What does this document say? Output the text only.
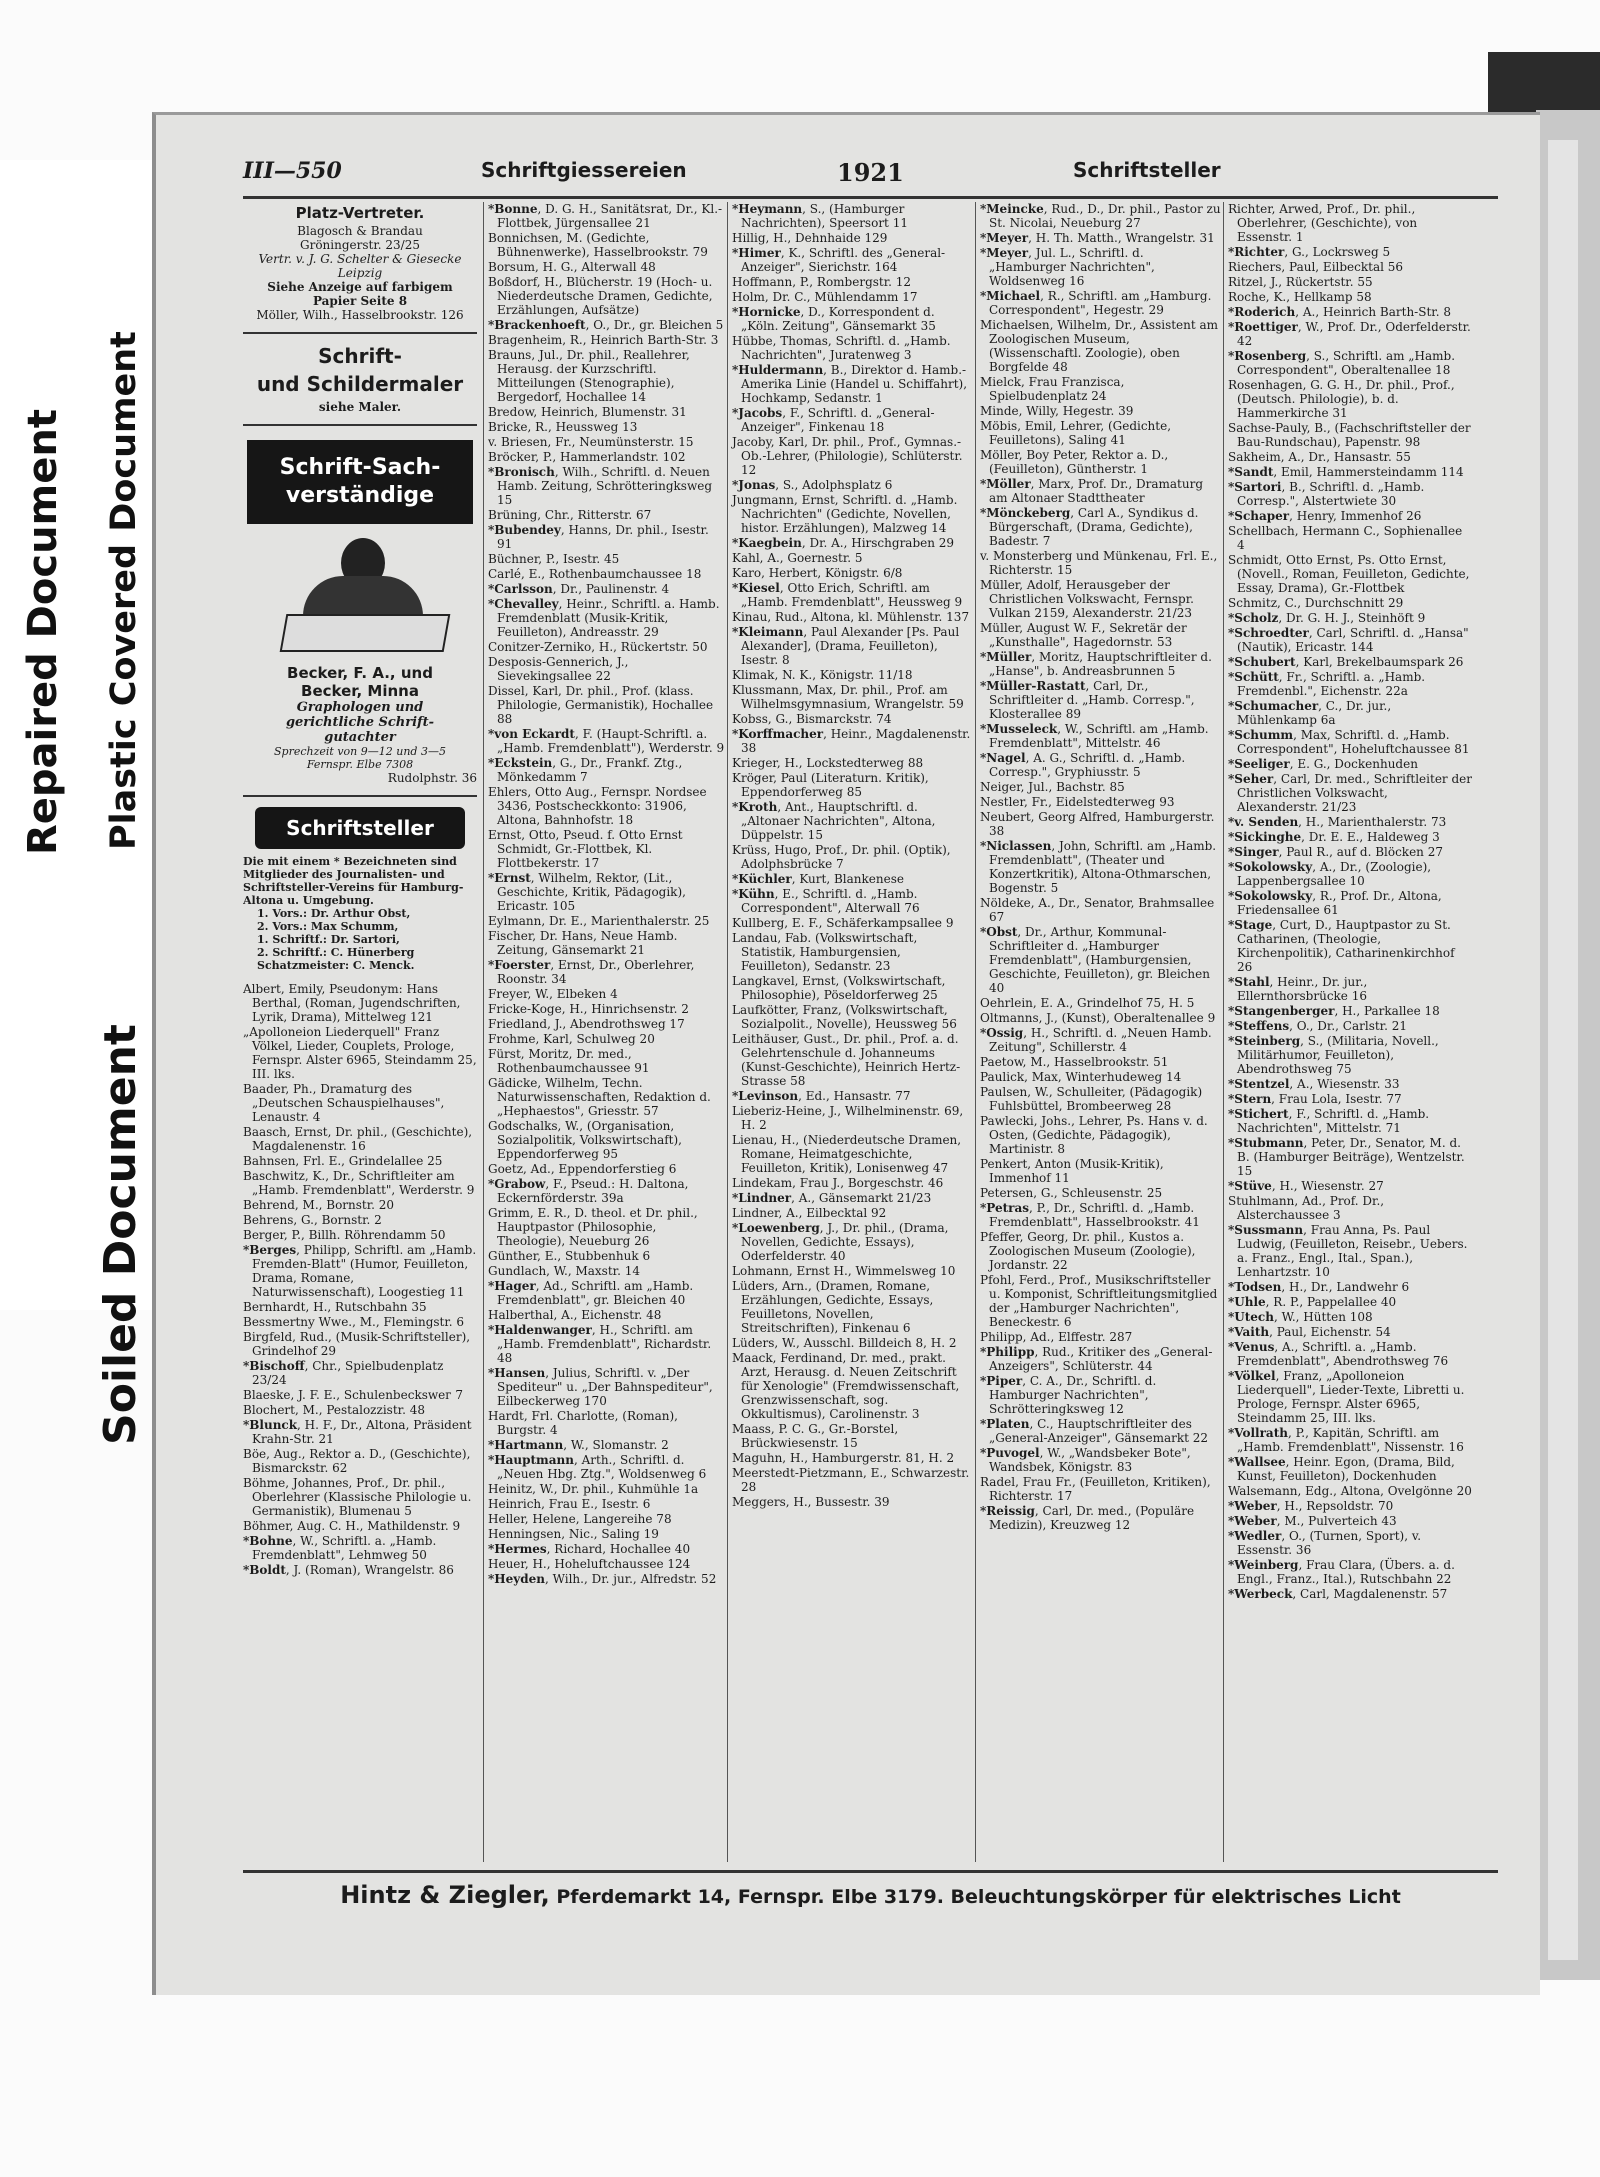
Repaired Document Plastic Covered Document
Soiled Document
III—550	Schriftgiessereien	1921	Schriftsteller
Platz-Vertreter.
Blagosch & Brandau
Gröningerstr. 23/25
Vertr. v. J. G. Schelter & Giesecke
Leipzig
Siehe Anzeige auf farbigem
Papier Seite 8
Möller, Wilh., Hasselbrookstr. 126
Schrift-
und Schildermaler
siehe Maler.
Schrift-Sach-
verständige
Becker, F. A., und
Becker, Minna
Graphologen und
gerichtliche Schrift-
gutachter
Sprechzeit von 9—12 und 3—5
Fernspr. Elbe 7308
Rudolphstr. 36
Schriftsteller
Die mit einem * Bezeichneten sind Mitglieder des Journalisten- und Schriftsteller-Vereins für Hamburg-Altona u. Umgebung.
1. Vors.: Dr. Arthur Obst,
2. Vors.: Max Schumm,
1. Schriftf.: Dr. Sartori,
2. Schriftf.: C. Hünerberg
Schatzmeister: C. Menck.
Albert, Emily, Pseudonym: Hans Berthal, (Roman, Jugendschriften, Lyrik, Drama), Mittelweg 121
„Apolloneion Liederquell" Franz Völkel, Lieder, Couplets, Prologe, Fernspr. Alster 6965, Steindamm 25, III. lks.
Baader, Ph., Dramaturg des „Deutschen Schauspielhauses", Lenaustr. 4
Baasch, Ernst, Dr. phil., (Geschichte), Magdalenenstr. 16
Bahnsen, Frl. E., Grindelallee 25
Baschwitz, K., Dr., Schriftleiter am „Hamb. Fremdenblatt", Werderstr. 9
Behrend, M., Bornstr. 20
Behrens, G., Bornstr. 2
Berger, P., Billh. Röhrendamm 50
*Berges, Philipp, Schriftl. am „Hamb. Fremden-Blatt" (Humor, Feuilleton, Drama, Romane, Naturwissenschaft), Loogestieg 11
Bernhardt, H., Rutschbahn 35
Bessmertny Wwe., M., Flemingstr. 6
Birgfeld, Rud., (Musik-Schriftsteller), Grindelhof 29
*Bischoff, Chr., Spielbudenplatz 23/24
Blaeske, J. F. E., Schulenbeckswег 7
Blochert, M., Pestalozzistr. 48
*Blunck, H. F., Dr., Altona, Präsident Krahn-Str. 21
Böe, Aug., Rektor a. D., (Geschichte), Bismarckstr. 62
Böhme, Johannes, Prof., Dr. phil., Oberlehrer (Klassische Philologie u. Germanistik), Blumenau 5
Böhmer, Aug. C. H., Mathildenstr. 9
*Bohne, W., Schriftl. a. „Hamb. Fremdenblatt", Lehmweg 50
*Boldt, J. (Roman), Wrangelstr. 86
*Bonne, D. G. H., Sanitätsrat, Dr., Kl.-Flottbek, Jürgensallee 21
Bonnichsen, M. (Gedichte, Bühnenwerke), Hasselbrookstr. 79
Borsum, H. G., Alterwall 48
Boßdorf, H., Blücherstr. 19 (Hoch- u. Niederdeutsche Dramen, Gedichte, Erzählungen, Aufsätze)
*Brackenhoeft, O., Dr., gr. Bleichen 5
Bragenheim, R., Heinrich Barth-Str. 3
Brauns, Jul., Dr. phil., Reallehrer, Herausg. der Kurzschriftl. Mitteilungen (Stenographie), Bergedorf, Hochallee 14
Bredow, Heinrich, Blumenstr. 31
Bricke, R., Heussweg 13
v. Briesen, Fr., Neumünsterstr. 15
Bröcker, P., Hammerlandstr. 102
*Bronisch, Wilh., Schriftl. d. Neuen Hamb. Zeitung, Schrötteringksweg 15
Brüning, Chr., Ritterstr. 67
*Bubendey, Hanns, Dr. phil., Isestr. 91
Büchner, P., Isestr. 45
Carlé, E., Rothenbaumchaussee 18
*Carlsson, Dr., Paulinenstr. 4
*Chevalley, Heinr., Schriftl. a. Hamb. Fremdenblatt (Musik-Kritik, Feuilleton), Andreasstr. 29
Conitzer-Zerniko, H., Rückertstr. 50
Desposis-Gennerich, J., Sievekingsallee 22
Dissel, Karl, Dr. phil., Prof. (klass. Philologie, Germanistik), Hochallee 88
*von Eckardt, F. (Haupt-Schriftl. a. „Hamb. Fremdenblatt"), Werderstr. 9
*Eckstein, G., Dr., Frankf. Ztg., Mönkedamm 7
Ehlers, Otto Aug., Fernspr. Nordsee 3436, Postscheckkonto: 31906, Altona, Bahnhofstr. 18
Ernst, Otto, Pseud. f. Otto Ernst Schmidt, Gr.-Flottbek, Kl. Flottbekerstr. 17
*Ernst, Wilhelm, Rektor, (Lit., Geschichte, Kritik, Pädagogik), Ericastr. 105
Eylmann, Dr. E., Marienthalerstr. 25
Fischer, Dr. Hans, Neue Hamb. Zeitung, Gänsemarkt 21
*Foerster, Ernst, Dr., Oberlehrer, Roonstr. 34
Freyer, W., Elbeken 4
Fricke-Koge, H., Hinrichsenstr. 2
Friedland, J., Abendrothsweg 17
Frohme, Karl, Schulweg 20
Fürst, Moritz, Dr. med., Rothenbaumchaussee 91
Gädicke, Wilhelm, Techn. Naturwissenschaften, Redaktion d. „Hephaestos", Griesstr. 57
Godschalks, W., (Organisation, Sozialpolitik, Volkswirtschaft), Eppendorferweg 95
Goetz, Ad., Eppendorferstieg 6
*Grabow, F., Pseud.: H. Daltona, Eckernförderstr. 39a
Grimm, E. R., D. theol. et Dr. phil., Hauptpastor (Philosophie, Theologie), Neueburg 26
Günther, E., Stubbenhuk 6
Gundlach, W., Maxstr. 14
*Hager, Ad., Schriftl. am „Hamb. Fremdenblatt", gr. Bleichen 40
Halberthal, A., Eichenstr. 48
*Haldenwanger, H., Schriftl. am „Hamb. Fremdenblatt", Richardstr. 48
*Hansen, Julius, Schriftl. v. „Der Spediteur" u. „Der Bahnspediteur", Eilbeckerweg 170
Hardt, Frl. Charlotte, (Roman), Burgstr. 4
*Hartmann, W., Slomanstr. 2
*Hauptmann, Arth., Schriftl. d. „Neuen Hbg. Ztg.", Woldsenweg 6
Heinitz, W., Dr. phil., Kuhmühle 1a
Heinrich, Frau E., Isestr. 6
Heller, Helene, Langereihe 78
Henningsen, Nic., Saling 19
*Hermes, Richard, Hochallee 40
Heuer, H., Hoheluftchaussee 124
*Heyden, Wilh., Dr. jur., Alfredstr. 52
*Heymann, S., (Hamburger Nachrichten), Speersort 11
Hillig, H., Dehnhaide 129
*Himer, K., Schriftl. des „General-Anzeiger", Sierichstr. 164
Hoffmann, P., Rombergstr. 12
Holm, Dr. C., Mühlendamm 17
*Hornicke, D., Korrespondent d. „Köln. Zeitung", Gänsemarkt 35
Hübbe, Thomas, Schriftl. d. „Hamb. Nachrichten", Juratenweg 3
*Huldermann, B., Direktor d. Hamb.-Amerika Linie (Handel u. Schiffahrt), Hochkamp, Sedanstr. 1
*Jacobs, F., Schriftl. d. „General-Anzeiger", Finkenau 18
Jacoby, Karl, Dr. phil., Prof., Gymnas.-Ob.-Lehrer, (Philologie), Schlüterstr. 12
*Jonas, S., Adolphsplatz 6
Jungmann, Ernst, Schriftl. d. „Hamb. Nachrichten" (Gedichte, Novellen, histor. Erzählungen), Malzweg 14
*Kaegbein, Dr. A., Hirschgraben 29
Kahl, A., Goernestr. 5
Karo, Herbert, Königstr. 6/8
*Kiesel, Otto Erich, Schriftl. am „Hamb. Fremdenblatt", Heussweg 9
Kinau, Rud., Altona, kl. Mühlenstr. 137
*Kleimann, Paul Alexander [Ps. Paul Alexander], (Drama, Feuilleton), Isestr. 8
Klimak, N. K., Königstr. 11/18
Klussmann, Max, Dr. phil., Prof. am Wilhelmsgymnasium, Wrangelstr. 59
Kobss, G., Bismarckstr. 74
*Korffmacher, Heinr., Magdalenenstr. 38
Krieger, H., Lockstedterweg 88
Kröger, Paul (Literaturn. Kritik), Eppendorferweg 85
*Kroth, Ant., Hauptschriftl. d. „Altonaer Nachrichten", Altona, Düppelstr. 15
Krüss, Hugo, Prof., Dr. phil. (Optik), Adolphsbrücke 7
*Küchler, Kurt, Blankenese
*Kühn, E., Schriftl. d. „Hamb. Correspondent", Alterwall 76
Kullberg, E. F., Schäferkampsallee 9
Landau, Fab. (Volkswirtschaft, Statistik, Hamburgensien, Feuilleton), Sedanstr. 23
Langkavel, Ernst, (Volkswirtschaft, Philosophie), Pöseldorferweg 25
Laufkötter, Franz, (Volkswirtschaft, Sozialpolit., Novelle), Heussweg 56
Leithäuser, Gust., Dr. phil., Prof. a. d. Gelehrtenschule d. Johanneums (Kunst-Geschichte), Heinrich Hertz-Strasse 58
*Levinson, Ed., Hansastr. 77
Lieberiz-Heine, J., Wilhelminenstr. 69, H. 2
Lienau, H., (Niederdeutsche Dramen, Romane, Heimatgeschichte, Feuilleton, Kritik), Lonisenweg 47
Lindekam, Frau J., Borgeschstr. 46
*Lindner, A., Gänsemarkt 21/23
Lindner, A., Eilbecktal 92
*Loewenberg, J., Dr. phil., (Drama, Novellen, Gedichte, Essays), Oderfelderstr. 40
Lohmann, Ernst H., Wimmelsweg 10
Lüders, Arn., (Dramen, Romane, Erzählungen, Gedichte, Essays, Feuilletons, Novellen, Streitschriften), Finkenau 6
Lüders, W., Ausschl. Billdeich 8, H. 2
Maack, Ferdinand, Dr. med., prakt. Arzt, Herausg. d. Neuen Zeitschrift für Xenologie" (Fremdwissenschaft, Grenzwissenschaft, sog. Okkultismus), Carolinenstr. 3
Maass, P. C. G., Gr.-Borstel, Brückwiesenstr. 15
Maguhn, H., Hamburgerstr. 81, H. 2
Meerstedt-Pietzmann, E., Schwarzestr. 28
Meggers, H., Bussestr. 39
*Meincke, Rud., D., Dr. phil., Pastor zu St. Nicolai, Neueburg 27
*Meyer, H. Th. Matth., Wrangelstr. 31
*Meyer, Jul. L., Schriftl. d. „Hamburger Nachrichten", Woldsenweg 16
*Michael, R., Schriftl. am „Hamburg. Correspondent", Hegestr. 29
Michaelsen, Wilhelm, Dr., Assistent am Zoologischen Museum, (Wissenschaftl. Zoologie), oben Borgfelde 48
Mielck, Frau Franzisca, Spielbudenplatz 24
Minde, Willy, Hegestr. 39
Möbis, Emil, Lehrer, (Gedichte, Feuilletons), Saling 41
Möller, Boy Peter, Rektor a. D., (Feuilleton), Güntherstr. 1
*Möller, Marx, Prof. Dr., Dramaturg am Altonaer Stadttheater
*Mönckeberg, Carl A., Syndikus d. Bürgerschaft, (Drama, Gedichte), Badestr. 7
v. Monsterberg und Münkenau, Frl. E., Richterstr. 15
Müller, Adolf, Herausgeber der Christlichen Volkswacht, Fernspr. Vulkan 2159, Alexanderstr. 21/23
Müller, August W. F., Sekretär der „Kunsthalle", Hagedornstr. 53
*Müller, Moritz, Hauptschriftleiter d. „Hanse", b. Andreasbrunnen 5
*Müller-Rastatt, Carl, Dr., Schriftleiter d. „Hamb. Corresp.", Klosterallee 89
*Musseleck, W., Schriftl. am „Hamb. Fremdenblatt", Mittelstr. 46
*Nagel, A. G., Schriftl. d. „Hamb. Corresp.", Gryphiusstr. 5
Neiger, Jul., Bachstr. 85
Nestler, Fr., Eidelstedterweg 93
Neubert, Georg Alfred, Hamburgerstr. 38
*Niclassen, John, Schriftl. am „Hamb. Fremdenblatt", (Theater und Konzertkritik), Altona-Othmarschen, Bogenstr. 5
Nöldeke, A., Dr., Senator, Brahmsallee 67
*Obst, Dr., Arthur, Kommunal-Schriftleiter d. „Hamburger Fremdenblatt", (Hamburgensien, Geschichte, Feuilleton), gr. Bleichen 40
Oehrlein, E. A., Grindelhof 75, H. 5
Oltmanns, J., (Kunst), Oberaltenallee 9
*Ossig, H., Schriftl. d. „Neuen Hamb. Zeitung", Schillerstr. 4
Paetow, M., Hasselbrookstr. 51
Paulick, Max, Winterhudeweg 14
Paulsen, W., Schulleiter, (Pädagogik) Fuhlsbüttel, Brombeerweg 28
Pawlecki, Johs., Lehrer, Ps. Hans v. d. Osten, (Gedichte, Pädagogik), Martinistr. 8
Penkert, Anton (Musik-Kritik), Immenhof 11
Petersen, G., Schleusenstr. 25
*Petras, P., Dr., Schriftl. d. „Hamb. Fremdenblatt", Hasselbrookstr. 41
Pfeffer, Georg, Dr. phil., Kustos a. Zoologischen Museum (Zoologie), Jordanstr. 22
Pfohl, Ferd., Prof., Musikschriftsteller u. Komponist, Schriftleitungsmitglied der „Hamburger Nachrichten", Beneckestr. 6
Philipp, Ad., Elffestr. 287
*Philipp, Rud., Kritiker des „General-Anzeigers", Schlüterstr. 44
*Piper, C. A., Dr., Schriftl. d. Hamburger Nachrichten", Schrötteringksweg 12
*Platen, C., Hauptschriftleiter des „General-Anzeiger", Gänsemarkt 22
*Puvogel, W., „Wandsbeker Bote", Wandsbek, Königstr. 83
Radel, Frau Fr., (Feuilleton, Kritiken), Richterstr. 17
*Reissig, Carl, Dr. med., (Populäre Medizin), Kreuzweg 12
Richter, Arwed, Prof., Dr. phil., Oberlehrer, (Geschichte), von Essenstr. 1
*Richter, G., Lockrsweg 5
Riechers, Paul, Eilbecktal 56
Ritzel, J., Rückertstr. 55
Roche, K., Hellkamp 58
*Roderich, A., Heinrich Barth-Str. 8
*Roettiger, W., Prof. Dr., Oderfelderstr. 42
*Rosenberg, S., Schriftl. am „Hamb. Correspondent", Oberaltenallee 18
Rosenhagen, G. G. H., Dr. phil., Prof., (Deutsch. Philologie), b. d. Hammerkirche 31
Sachse-Pauly, B., (Fachschriftsteller der Bau-Rundschau), Papenstr. 98
Sakheim, A., Dr., Hansastr. 55
*Sandt, Emil, Hammersteindamm 114
*Sartori, B., Schriftl. d. „Hamb. Corresp.", Alstertwiete 30
*Schaper, Henry, Immenhof 26
Schellbach, Hermann C., Sophienallee 4
Schmidt, Otto Ernst, Ps. Otto Ernst, (Novell., Roman, Feuilleton, Gedichte, Essay, Drama), Gr.-Flottbek
Schmitz, C., Durchschnitt 29
*Scholz, Dr. G. H. J., Steinhöft 9
*Schroedter, Carl, Schriftl. d. „Hansa" (Nautik), Ericastr. 144
*Schubert, Karl, Brekelbaumspark 26
*Schütt, Fr., Schriftl. a. „Hamb. Fremdenbl.", Eichenstr. 22a
*Schumacher, C., Dr. jur., Mühlenkamp 6a
*Schumm, Max, Schriftl. d. „Hamb. Correspondent", Hoheluftchaussee 81
*Seeliger, E. G., Dockenhuden
*Seher, Carl, Dr. med., Schriftleiter der Christlichen Volkswacht, Alexanderstr. 21/23
*v. Senden, H., Marienthalerstr. 73
*Sickinghe, Dr. E. E., Haldeweg 3
*Singer, Paul R., auf d. Blöcken 27
*Sokolowsky, A., Dr., (Zoologie), Lappenbergsallee 10
*Sokolowsky, R., Prof. Dr., Altona, Friedensallee 61
*Stage, Curt, D., Hauptpastor zu St. Catharinen, (Theologie, Kirchenpolitik), Catharinenkirchhof 26
*Stahl, Heinr., Dr. jur., Ellernthorsbrücke 16
*Stangenberger, H., Parkallee 18
*Steffens, O., Dr., Carlstr. 21
*Steinberg, S., (Militaria, Novell., Militärhumor, Feuilleton), Abendrothsweg 75
*Stentzel, A., Wiesenstr. 33
*Stern, Frau Lola, Isestr. 77
*Stichert, F., Schriftl. d. „Hamb. Nachrichten", Mittelstr. 71
*Stubmann, Peter, Dr., Senator, M. d. B. (Hamburger Beiträge), Wentzelstr. 15
*Stüve, H., Wiesenstr. 27
Stuhlmann, Ad., Prof. Dr., Alsterchaussee 3
*Sussmann, Frau Anna, Ps. Paul Ludwig, (Feuilleton, Reisebr., Uebers. a. Franz., Engl., Ital., Span.), Lenhartzstr. 10
*Todsen, H., Dr., Landwehr 6
*Uhle, R. P., Pappelallee 40
*Utech, W., Hütten 108
*Vaith, Paul, Eichenstr. 54
*Venus, A., Schriftl. a. „Hamb. Fremdenblatt", Abendrothsweg 76
*Völkel, Franz, „Apolloneion Liederquell", Lieder-Texte, Libretti u. Prologe, Fernspr. Alster 6965, Steindamm 25, III. lks.
*Vollrath, P., Kapitän, Schriftl. am „Hamb. Fremdenblatt", Nissenstr. 16
*Wallsee, Heinr. Egon, (Drama, Bild, Kunst, Feuilleton), Dockenhuden
Walsemann, Edg., Altona, Ovelgönne 20
*Weber, H., Repsoldstr. 70
*Weber, M., Pulverteich 43
*Wedler, O., (Turnen, Sport), v. Essenstr. 36
*Weinberg, Frau Clara, (Übers. a. d. Engl., Franz., Ital.), Rutschbahn 22
*Werbeck, Carl, Magdalenenstr. 57
Hintz & Ziegler, Pferdemarkt 14, Fernspr. Elbe 3179. Beleuchtungskörper für elektrisches Licht
